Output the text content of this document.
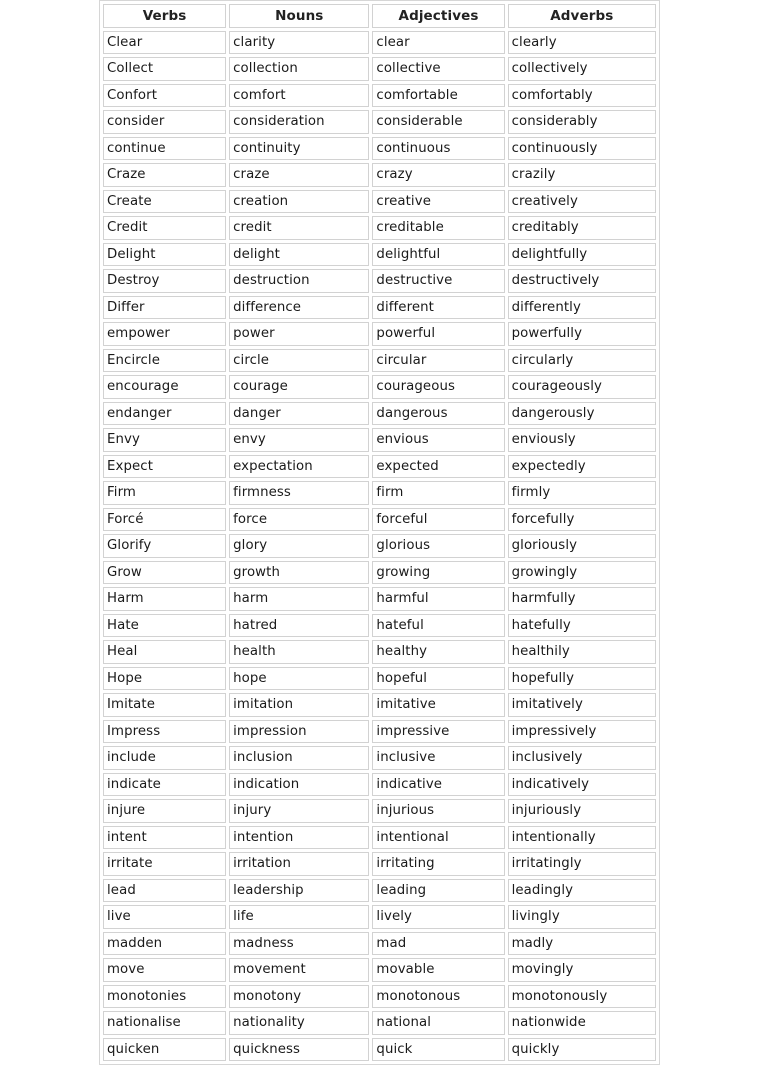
Verbs	Nouns	Adjectives	Adverbs
Clear	clarity	clear	clearly
Collect	collection	collective	collectively
Confort	comfort	comfortable	comfortably
consider	consideration	considerable	considerably
continue	continuity	continuous	continuously
Craze	craze	crazy	crazily
Create	creation	creative	creatively
Credit	credit	creditable	creditably
Delight	delight	delightful	delightfully
Destroy	destruction	destructive	destructively
Differ	difference	different	differently
empower	power	powerful	powerfully
Encircle	circle	circular	circularly
encourage	courage	courageous	courageously
endanger	danger	dangerous	dangerously
Envy	envy	envious	enviously
Expect	expectation	expected	expectedly
Firm	firmness	firm	firmly
Forcé	force	forceful	forcefully
Glorify	glory	glorious	gloriously
Grow	growth	growing	growingly
Harm	harm	harmful	harmfully
Hate	hatred	hateful	hatefully
Heal	health	healthy	healthily
Hope	hope	hopeful	hopefully
Imitate	imitation	imitative	imitatively
Impress	impression	impressive	impressively
include	inclusion	inclusive	inclusively
indicate	indication	indicative	indicatively
injure	injury	injurious	injuriously
intent	intention	intentional	intentionally
irritate	irritation	irritating	irritatingly
lead	leadership	leading	leadingly
live	life	lively	livingly
madden	madness	mad	madly
move	movement	movable	movingly
monotonies	monotony	monotonous	monotonously
nationalise	nationality	national	nationwide
quicken	quickness	quick	quickly
